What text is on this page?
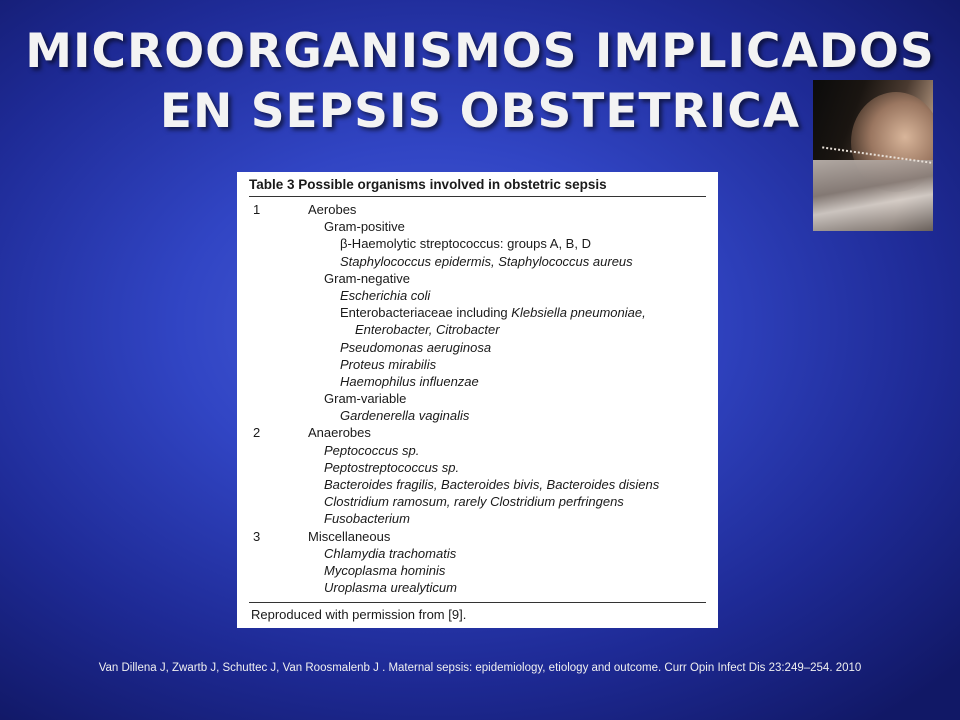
MICROORGANISMOS IMPLICADOS
EN SEPSIS OBSTETRICA
Table 3 Possible organisms involved in obstetric sepsis
1	Aerobes
Gram-positive
β-Haemolytic streptococcus: groups A, B, D
Staphylococcus epidermis, Staphylococcus aureus
Gram-negative
Escherichia coli
Enterobacteriaceae including Klebsiella pneumoniae,
Enterobacter, Citrobacter
Pseudomonas aeruginosa
Proteus mirabilis
Haemophilus influenzae
Gram-variable
Gardenerella vaginalis
2	Anaerobes
Peptococcus sp.
Peptostreptococcus sp.
Bacteroides fragilis, Bacteroides bivis, Bacteroides disiens
Clostridium ramosum, rarely Clostridium perfringens
Fusobacterium
3	Miscellaneous
Chlamydia trachomatis
Mycoplasma hominis
Uroplasma urealyticum
Reproduced with permission from [9].
Van Dillena J, Zwartb J, Schuttec J, Van Roosmalenb J . Maternal sepsis: epidemiology, etiology and outcome. Curr Opin Infect Dis 23:249–254. 2010
